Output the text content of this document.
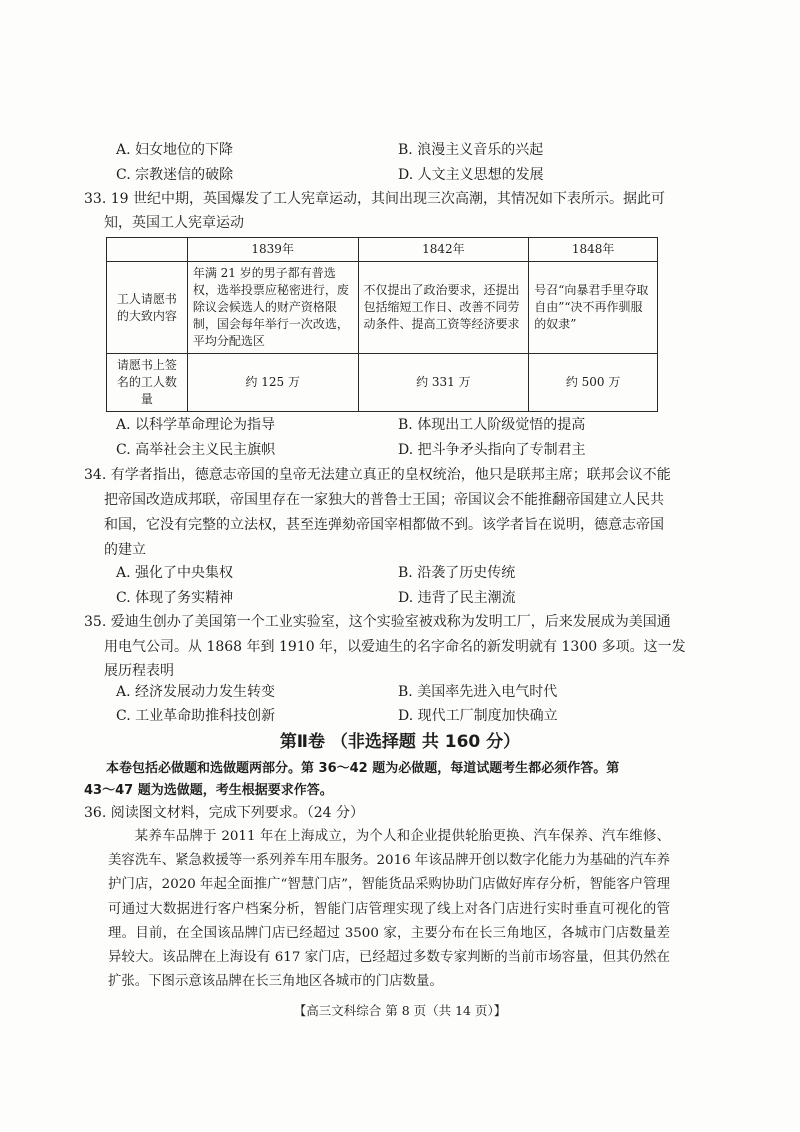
A. 妇女地位的下降	B. 浪漫主义音乐的兴起
C. 宗教迷信的破除	D. 人文主义思想的发展
33. 19 世纪中期，英国爆发了工人宪章运动，其间出现三次高潮，其情况如下表所示。据此可
知，英国工人宪章运动
	1839年	1842年	1848年
工人请愿书的大致内容	年满 21 岁的男子都有普选权，选举投票应秘密进行，废除议会候选人的财产资格限制，国会每年举行一次改选，平均分配选区	不仅提出了政治要求，还提出包括缩短工作日、改善不同劳动条件、提高工资等经济要求	号召“向暴君手里夺取自由”“决不再作驯服的奴隶”
请愿书上签名的工人数量	约 125 万	约 331 万	约 500 万
A. 以科学革命理论为指导	B. 体现出工人阶级觉悟的提高
C. 高举社会主义民主旗帜	D. 把斗争矛头指向了专制君主
34. 有学者指出，德意志帝国的皇帝无法建立真正的皇权统治，他只是联邦主席；联邦会议不能
把帝国改造成邦联，帝国里存在一家独大的普鲁士王国；帝国议会不能推翻帝国建立人民共
和国，它没有完整的立法权，甚至连弹劾帝国宰相都做不到。该学者旨在说明，德意志帝国
的建立
A. 强化了中央集权	B. 沿袭了历史传统
C. 体现了务实精神	D. 违背了民主潮流
35. 爱迪生创办了美国第一个工业实验室，这个实验室被戏称为发明工厂，后来发展成为美国通
用电气公司。从 1868 年到 1910 年，以爱迪生的名字命名的新发明就有 1300 多项。这一发
展历程表明
A. 经济发展动力发生转变	B. 美国率先进入电气时代
C. 工业革命助推科技创新	D. 现代工厂制度加快确立
第Ⅱ卷 （非选择题 共 160 分）
本卷包括必做题和选做题两部分。第 36～42 题为必做题，每道试题考生都必须作答。第
43～47 题为选做题，考生根据要求作答。
36. 阅读图文材料，完成下列要求。（24 分）
某养车品牌于 2011 年在上海成立，为个人和企业提供轮胎更换、汽车保养、汽车维修、美容洗车、紧急救援等一系列养车用车服务。2016 年该品牌开创以数字化能力为基础的汽车养护门店，2020 年起全面推广“智慧门店”，智能货品采购协助门店做好库存分析，智能客户管理可通过大数据进行客户档案分析，智能门店管理实现了线上对各门店进行实时垂直可视化的管理。目前，在全国该品牌门店已经超过 3500 家，主要分布在长三角地区，各城市门店数量差异较大。该品牌在上海设有 617 家门店，已经超过多数专家判断的当前市场容量，但其仍然在扩张。下图示意该品牌在长三角地区各城市的门店数量。
【高三文科综合 第 8 页（共 14 页）】
